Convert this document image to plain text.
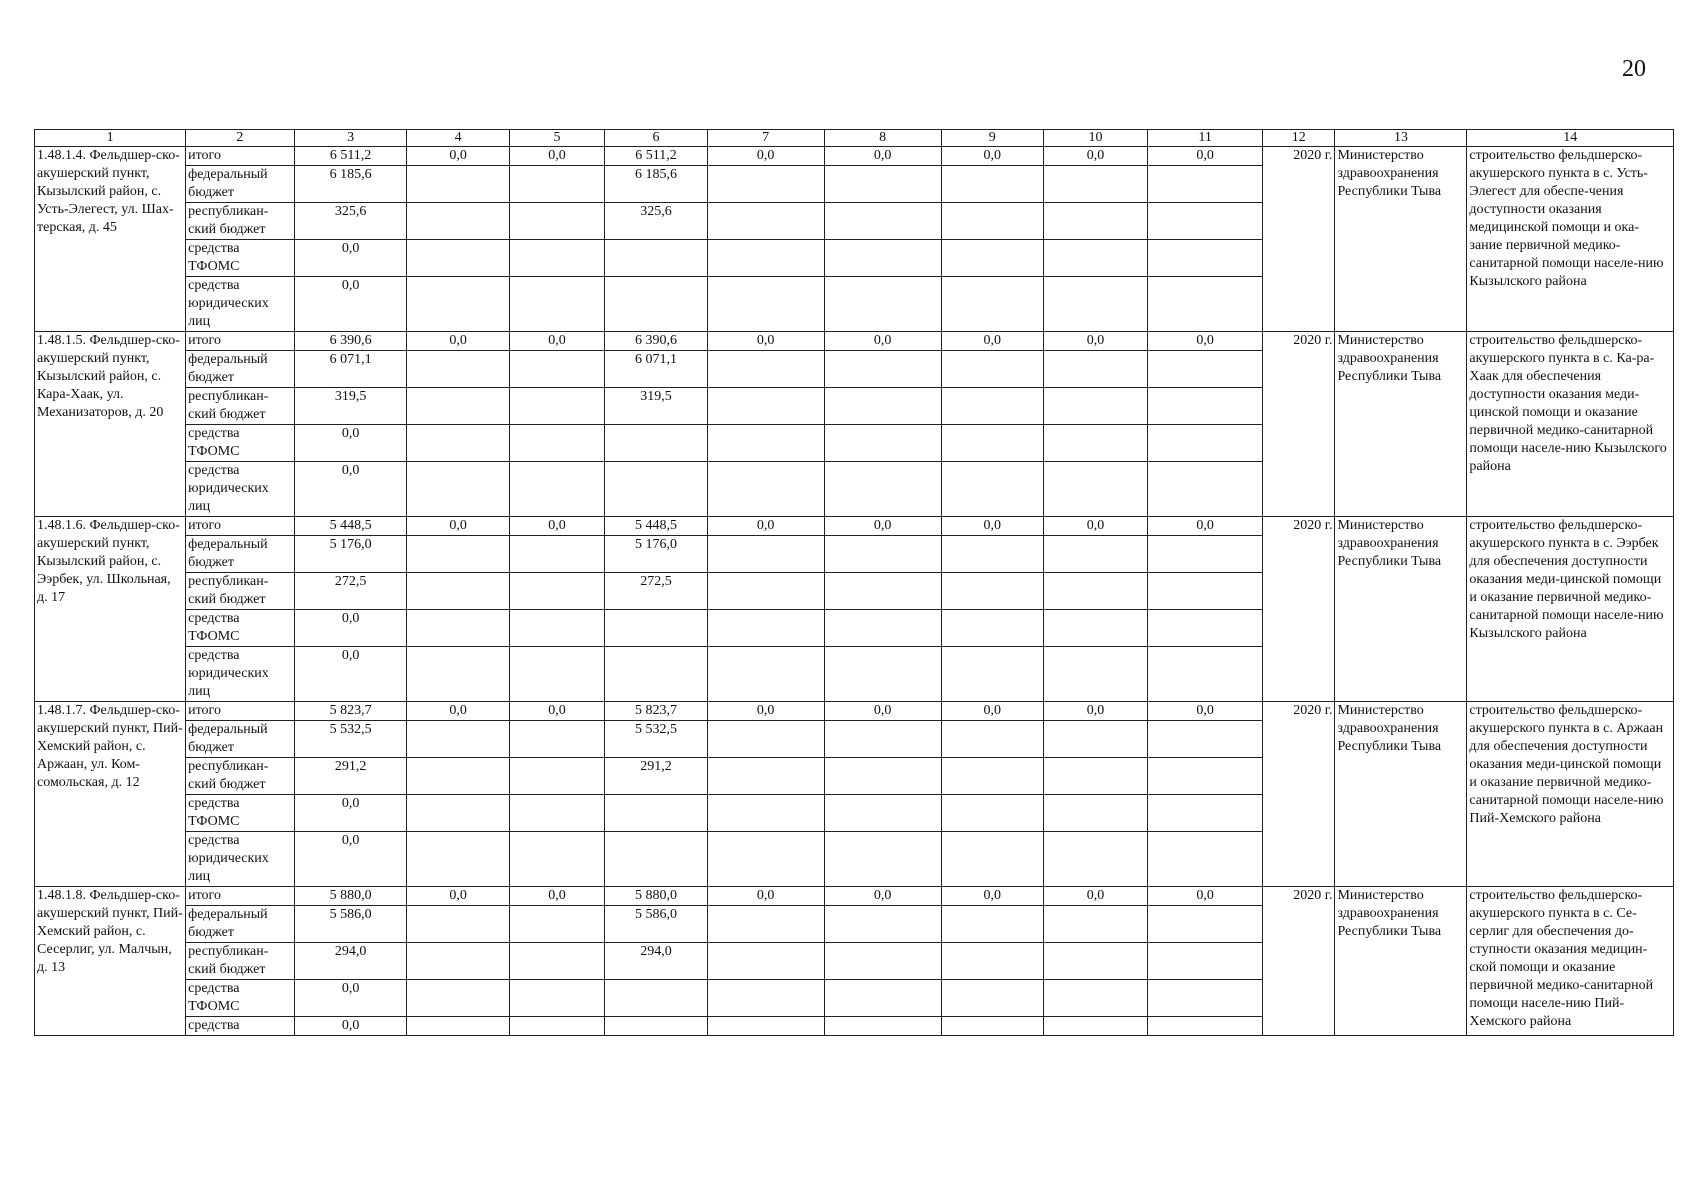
20
1	2	3	4	5	6	7	8	9	10	11	12	13	14
1.48.1.4. Фельдшер-ско-акушерский пункт, Кызылский район, с. Усть-Элегест, ул. Шах-терская, д. 45	итого	6 511,2	0,0	0,0	6 511,2	0,0	0,0	0,0	0,0	0,0	2020 г.	Министерство здравоохранения Республики Тыва	строительство фельдшерско-акушерского пункта в с. Усть-Элегест для обеспе-чения доступности оказания медицинской помощи и ока-зание первичной медико-санитарной помощи населе-нию Кызылского района
	федеральный бюджет	6 185,6			6 185,6								
	республикан-ский бюджет	325,6			325,6								
	средства ТФОМС	0,0											
	средства юридических лиц	0,0											
1.48.1.5. Фельдшер-ско-акушерский пункт, Кызылский район, с. Кара-Хаак, ул. Механизаторов, д. 20	итого	6 390,6	0,0	0,0	6 390,6	0,0	0,0	0,0	0,0	0,0	2020 г.	Министерство здравоохранения Республики Тыва	строительство фельдшерско-акушерского пункта в с. Ка-ра-Хаак для обеспечения доступности оказания меди-цинской помощи и оказание первичной медико-санитарной помощи населе-нию Кызылского района
	федеральный бюджет	6 071,1			6 071,1								
	республикан-ский бюджет	319,5			319,5								
	средства ТФОМС	0,0											
	средства юридических лиц	0,0											
1.48.1.6. Фельдшер-ско-акушерский пункт, Кызылский район, с. Ээрбек, ул. Школьная, д. 17	итого	5 448,5	0,0	0,0	5 448,5	0,0	0,0	0,0	0,0	0,0	2020 г.	Министерство здравоохранения Республики Тыва	строительство фельдшерско-акушерского пункта в с. Ээрбек для обеспечения доступности оказания меди-цинской помощи и оказание первичной медико-санитарной помощи населе-нию Кызылского района
	федеральный бюджет	5 176,0			5 176,0								
	республикан-ский бюджет	272,5			272,5								
	средства ТФОМС	0,0											
	средства юридических лиц	0,0											
1.48.1.7. Фельдшер-ско-акушерский пункт, Пий-Хемский район, с. Аржаан, ул. Ком-сомольская, д. 12	итого	5 823,7	0,0	0,0	5 823,7	0,0	0,0	0,0	0,0	0,0	2020 г.	Министерство здравоохранения Республики Тыва	строительство фельдшерско-акушерского пункта в с. Аржаан для обеспечения доступности оказания меди-цинской помощи и оказание первичной медико-санитарной помощи населе-нию Пий-Хемского района
	федеральный бюджет	5 532,5			5 532,5								
	республикан-ский бюджет	291,2			291,2								
	средства ТФОМС	0,0											
	средства юридических лиц	0,0											
1.48.1.8. Фельдшер-ско-акушерский пункт, Пий-Хемский район, с. Сесерлиг, ул. Малчын, д. 13	итого	5 880,0	0,0	0,0	5 880,0	0,0	0,0	0,0	0,0	0,0	2020 г.	Министерство здравоохранения Республики Тыва	строительство фельдшерско-акушерского пункта в с. Се-серлиг для обеспечения до-ступности оказания медицин-ской помощи и оказание первичной медико-санитарной помощи населе-нию Пий-Хемского района
	федеральный бюджет	5 586,0			5 586,0								
	республикан-ский бюджет	294,0			294,0								
	средства ТФОМС	0,0											
	средства	0,0											
